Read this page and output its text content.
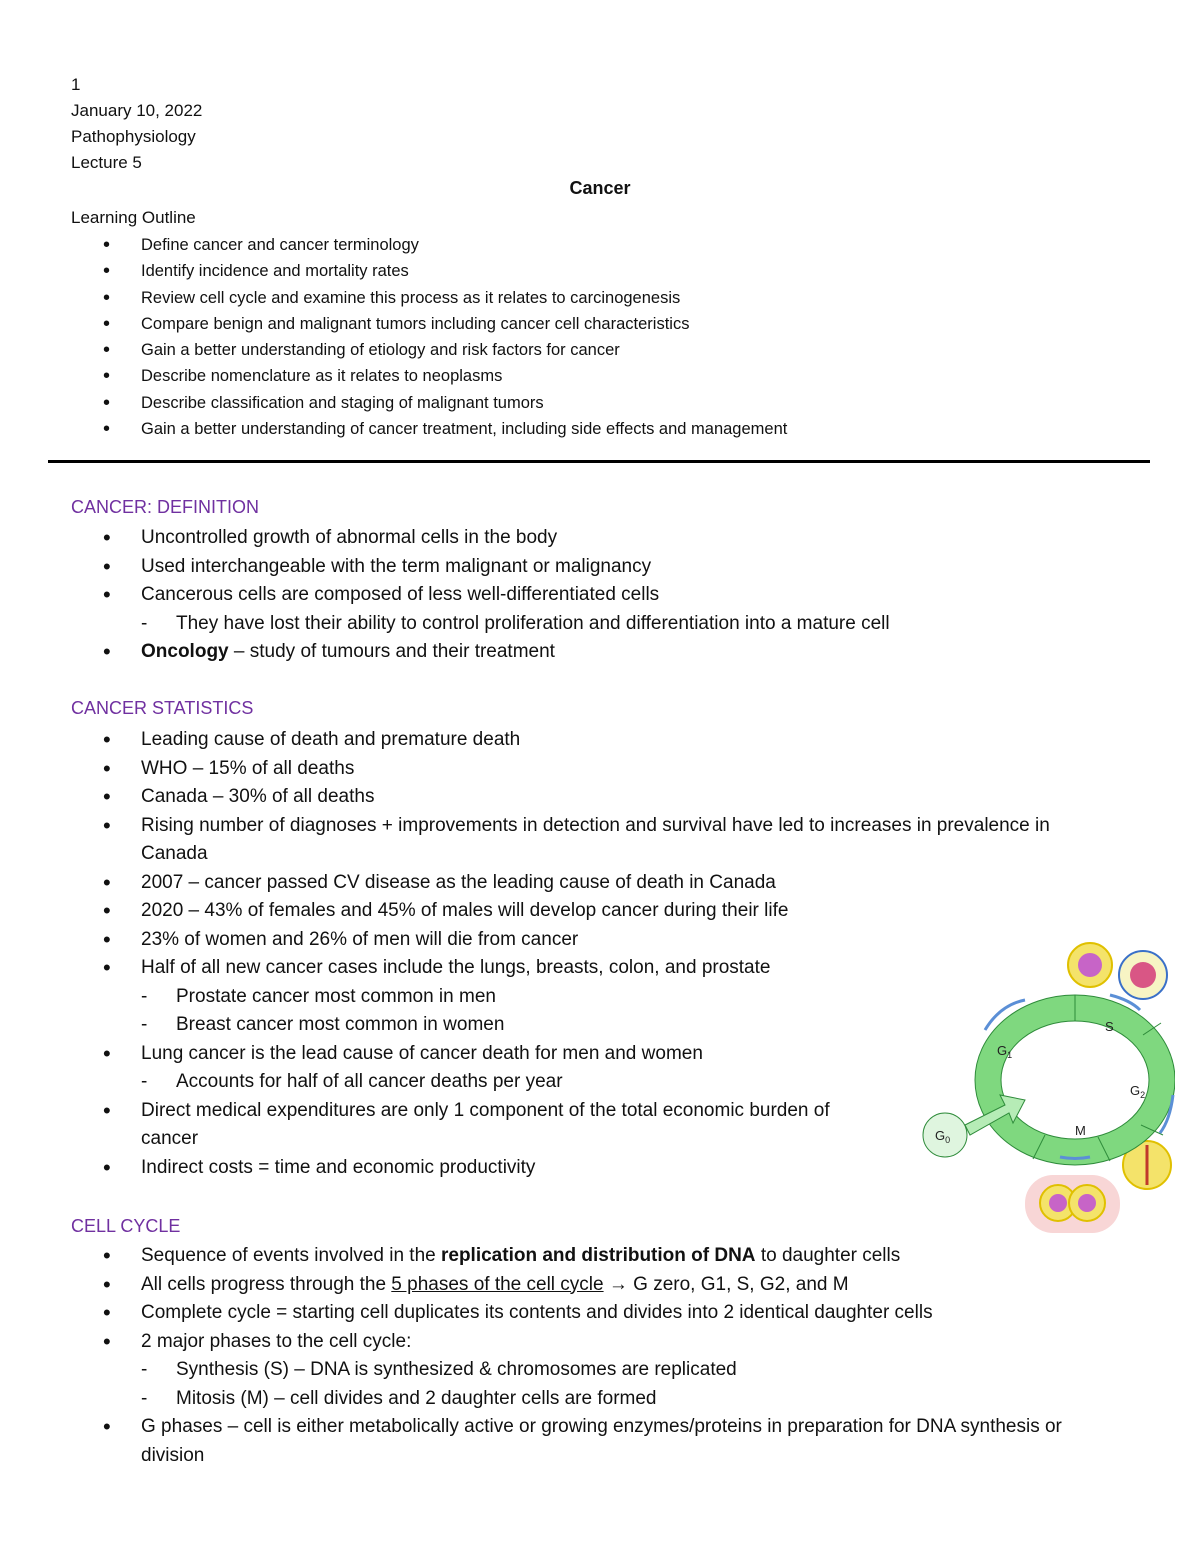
1
January 10, 2022
Pathophysiology
Lecture 5
Cancer
Learning Outline
• Define cancer and cancer terminology
• Identify incidence and mortality rates
• Review cell cycle and examine this process as it relates to carcinogenesis
• Compare benign and malignant tumors including cancer cell characteristics
• Gain a better understanding of etiology and risk factors for cancer
• Describe nomenclature as it relates to neoplasms
• Describe classification and staging of malignant tumors
• Gain a better understanding of cancer treatment, including side effects and management
CANCER: DEFINITION
• Uncontrolled growth of abnormal cells in the body
• Used interchangeable with the term malignant or malignancy
• Cancerous cells are composed of less well-differentiated cells
- They have lost their ability to control proliferation and differentiation into a mature cell
• Oncology – study of tumours and their treatment
CANCER STATISTICS
• Leading cause of death and premature death
• WHO – 15% of all deaths
• Canada – 30% of all deaths
• Rising number of diagnoses + improvements in detection and survival have led to increases in prevalence in Canada
• 2007 – cancer passed CV disease as the leading cause of death in Canada
• 2020 – 43% of females and 45% of males will develop cancer during their life
• 23% of women and 26% of men will die from cancer
• Half of all new cancer cases include the lungs, breasts, colon, and prostate
- Prostate cancer most common in men
- Breast cancer most common in women
• Lung cancer is the lead cause of cancer death for men and women
- Accounts for half of all cancer deaths per year
• Direct medical expenditures are only 1 component of the total economic burden of cancer
• Indirect costs = time and economic productivity
$G_1$
S
$G_2$
M
$G_0$
CELL CYCLE
• Sequence of events involved in the replication and distribution of DNA to daughter cells
• All cells progress through the 5 phases of the cell cycle → G zero, G1, S, G2, and M
• Complete cycle = starting cell duplicates its contents and divides into 2 identical daughter cells
• 2 major phases to the cell cycle:
- Synthesis (S) – DNA is synthesized & chromosomes are replicated
- Mitosis (M) – cell divides and 2 daughter cells are formed
• G phases – cell is either metabolically active or growing enzymes/proteins in preparation for DNA synthesis or division
